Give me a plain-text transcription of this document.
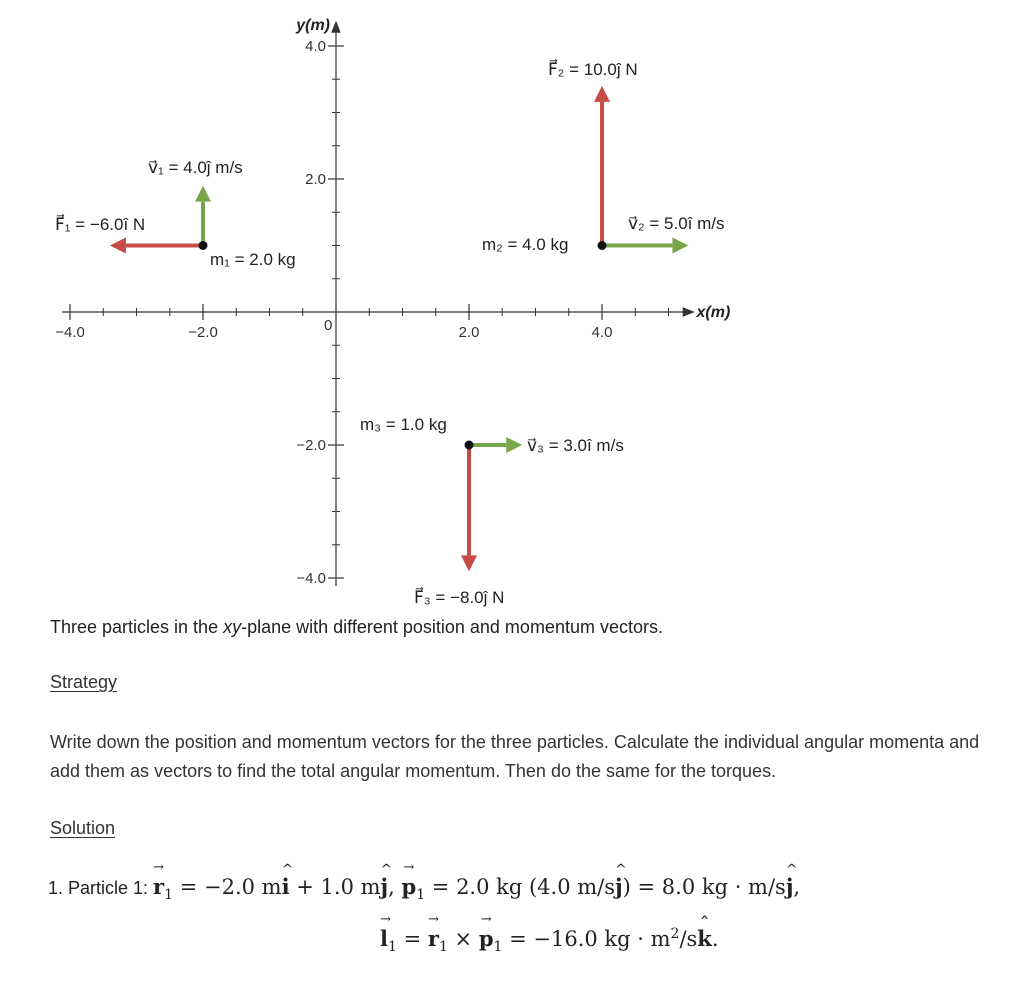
−4.0	−2.0	2.0	4.0
4.0
2.0
−2.0
−4.0
0
x(m)
y(m)
m₁ = 2.0 kg
F⃗₁ = −6.0î N
v⃗₁ = 4.0ĵ m/s
m₂ = 4.0 kg
F⃗₂ = 10.0ĵ N
v⃗₂ = 5.0î m/s
m₃ = 1.0 kg
F⃗₃ = −8.0ĵ N
v⃗₃ = 3.0î m/s
Three particles in the xy-plane with different position and momentum vectors.
Strategy
Write down the position and momentum vectors for the three particles. Calculate the individual angular momenta and add them as vectors to find the total angular momentum. Then do the same for the torques.
Solution
1. Particle 1: → $r_1 = -2.0$ m^ i + 1.0 m^ j, → $p_1 = 2.0$ kg (4.0 m/s^ j) = 8.0 kg · m/s^ j,
→ $l_1$ = → $r_1$ × → $p_1 = -16.0$ kg · $m^2/sˆ$ k.
